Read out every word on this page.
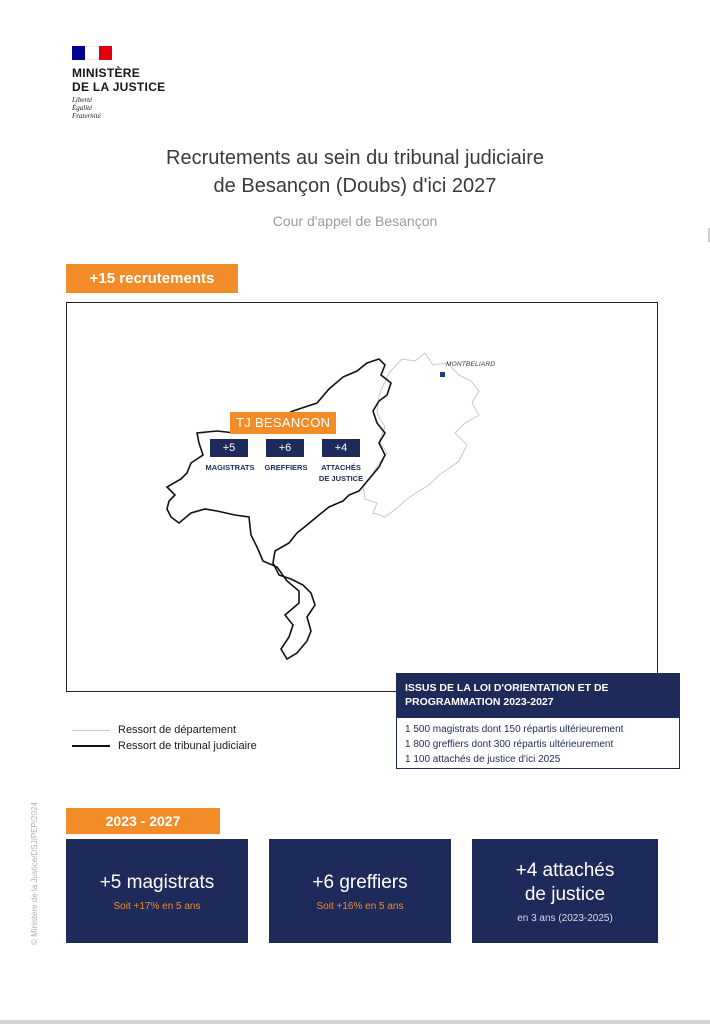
MINISTÈRE
DE LA JUSTICE
Liberté
Égalité
Fraternité
Recrutements au sein du tribunal judiciaire
de Besançon (Doubs) d'ici 2027
Cour d'appel de Besançon
+15 recrutements
MONTBELIARD
TJ BESANCON
+5	+6	+4
MAGISTRATS	GREFFIERS	ATTACHÉS
DE JUSTICE
ISSUS DE LA LOI D'ORIENTATION ET DE
PROGRAMMATION 2023-2027
1 500 magistrats dont 150 répartis ultérieurement
1 800 greffiers dont 300 répartis ultérieurement
1 100 attachés de justice d'ici 2025
Ressort de département
Ressort de tribunal judiciaire
© Ministère de la Justice/DSJ/PEP/2024	2023 - 2027
+5 magistrats
Soit +17% en 5 ans
+6 greffiers
Soit +16% en 5 ans
+4 attachés
de justice
en 3 ans (2023-2025)
